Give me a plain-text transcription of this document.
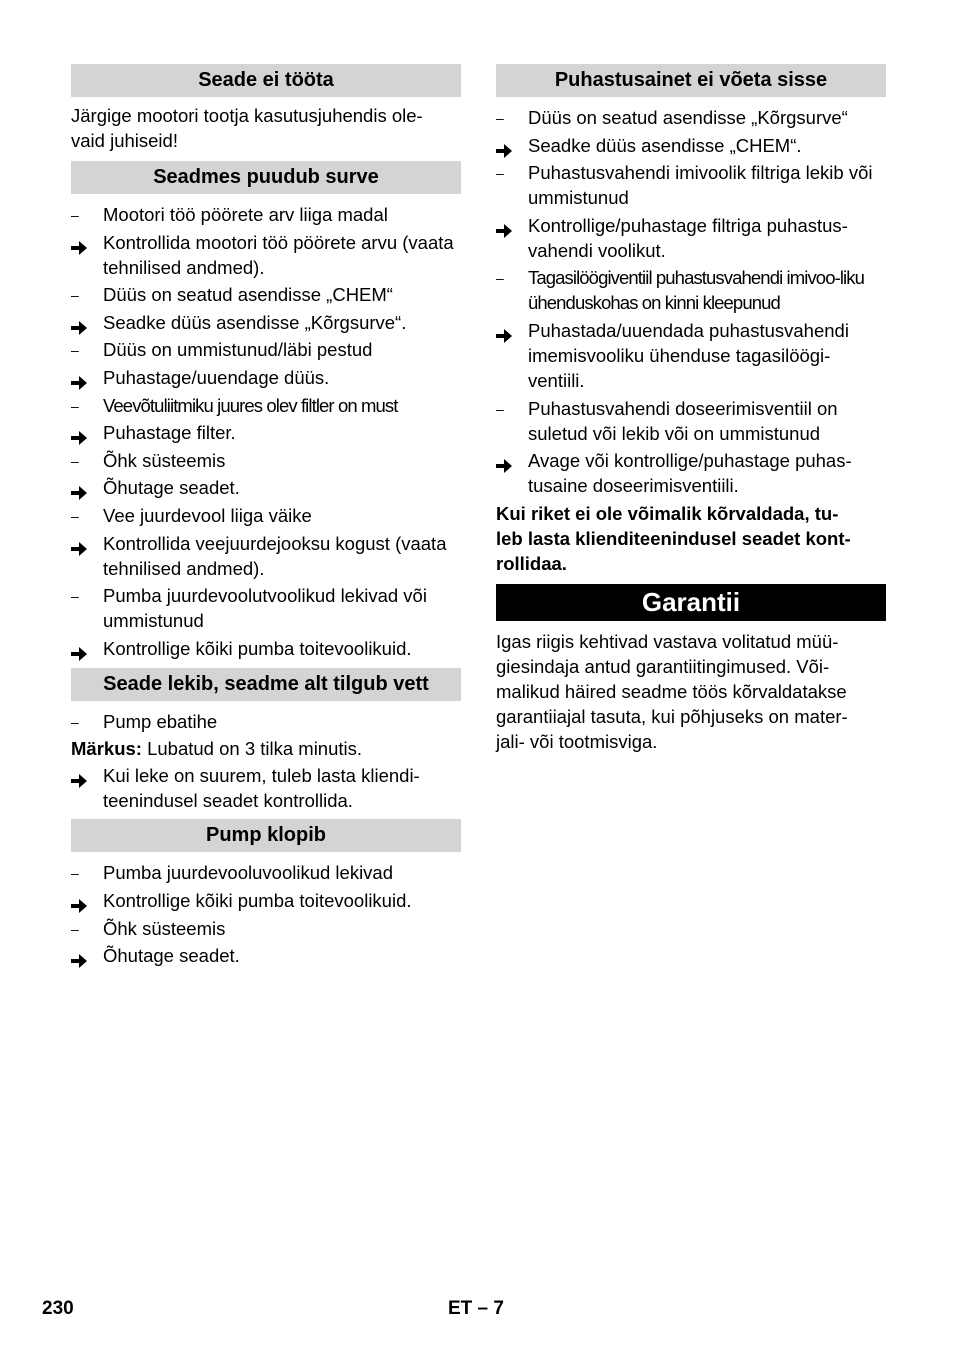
Seade ei tööta

Järgige mootori tootja kasutusjuhendis ole-
vaid juhiseid!

Seadmes puudub surve
–	Mootori töö pöörete arv liiga madal
Kontrollida mootori töö pöörete arvu (vaata tehnilised andmed).
–	Düüs on seatud asendisse „CHEM“
Seadke düüs asendisse „Kõrgsurve“.
–	Düüs on ummistunud/läbi pestud
Puhastage/uuendage düüs.
–	Veevõtuliitmiku juures olev filtler on must
Puhastage filter.
–	Õhk süsteemis
Õhutage seadet.
–	Vee juurdevool liiga väike
Kontrollida veejuurdejooksu kogust (vaata tehnilised andmed).
–	Pumba juurdevoolutvoolikud lekivad või ummistunud
Kontrollige kõiki pumba toitevoolikuid.
Seade lekib, seadme alt tilgub vett
–	Pump ebatihe

Märkus: Lubatud on 3 tilka minutis.

Kui leke on suurem, tuleb lasta kliendi-
teenindusel seadet kontrollida.
Pump klopib
–	Pumba juurdevooluvoolikud lekivad
Kontrollige kõiki pumba toitevoolikuid.
–	Õhk süsteemis
Õhutage seadet.
Puhastusainet ei võeta sisse
–	Düüs on seatud asendisse „Kõrgsurve“
Seadke düüs asendisse „CHEM“.
–	Puhastusvahendi imivoolik filtriga lekib või ummistunud
Kontrollige/puhastage filtriga puhastus-vahendi voolikut.
–	Tagasilöögiventiil puhastusvahendi imivoo-liku ühenduskohas on kinni kleepunud
Puhastada/uuendada puhastusvahendi imemisvooliku ühenduse tagasilöögi-ventiili.
–	Puhastusvahendi doseerimisventiil on suletud või lekib või on ummistunud
Avage või kontrollige/puhastage puhas-tusaine doseerimisventiili.

Kui riket ei ole võimalik kõrvaldada, tu-
leb lasta klienditeenindusel seadet kont-
rollidaa.

Garantii

Igas riigis kehtivad vastava volitatud müü-
giesindaja antud garantiitingimused. Või-
malikud häired seadme töös kõrvaldatakse
garantiiajal tasuta, kui põhjuseks on mater-
jali- või tootmisviga.

230	ET – 7
